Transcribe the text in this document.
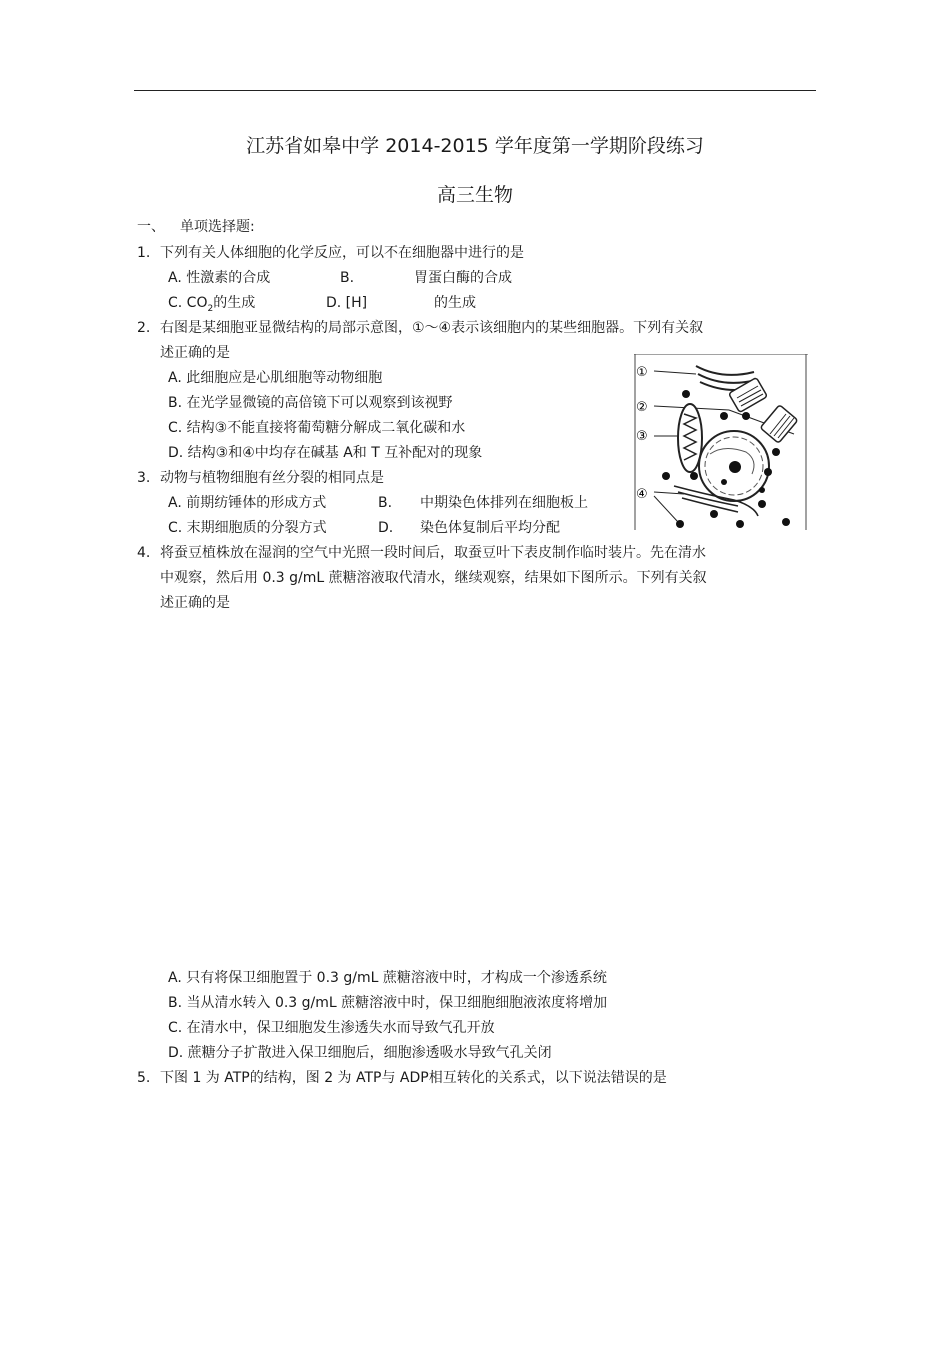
江苏省如皋中学 2014-2015 学年度第一学期阶段练习
高三生物
一、 单项选择题:
1. 下列有关人体细胞的化学反应，可以不在细胞器中进行的是
A. 性激素的合成	B.	胃蛋白酶的合成
C. $CO_2$的生成	D. [H]	的生成
2. 右图是某细胞亚显微结构的局部示意图，①～④表示该细胞内的某些细胞器。下列有关叙
述正确的是
A. 此细胞应是心肌细胞等动物细胞
B. 在光学显微镜的高倍镜下可以观察到该视野
C. 结构③不能直接将葡萄糖分解成二氧化碳和水
D. 结构③和④中均存在碱基 A和 T 互补配对的现象
①
②
③
④
3. 动物与植物细胞有丝分裂的相同点是
A. 前期纺锤体的形成方式	B. 中期染色体排列在细胞板上
C. 末期细胞质的分裂方式	D. 染色体复制后平均分配
4. 将蚕豆植株放在湿润的空气中光照一段时间后，取蚕豆叶下表皮制作临时装片。先在清水
中观察，然后用 0.3 g/mL 蔗糖溶液取代清水，继续观察，结果如下图所示。下列有关叙
述正确的是
A. 只有将保卫细胞置于 0.3 g/mL 蔗糖溶液中时，才构成一个渗透系统
B. 当从清水转入 0.3 g/mL 蔗糖溶液中时，保卫细胞细胞液浓度将增加
C. 在清水中，保卫细胞发生渗透失水而导致气孔开放
D. 蔗糖分子扩散进入保卫细胞后，细胞渗透吸水导致气孔关闭
5. 下图 1 为 ATP的结构，图 2 为 ATP与 ADP相互转化的关系式，以下说法错误的是
